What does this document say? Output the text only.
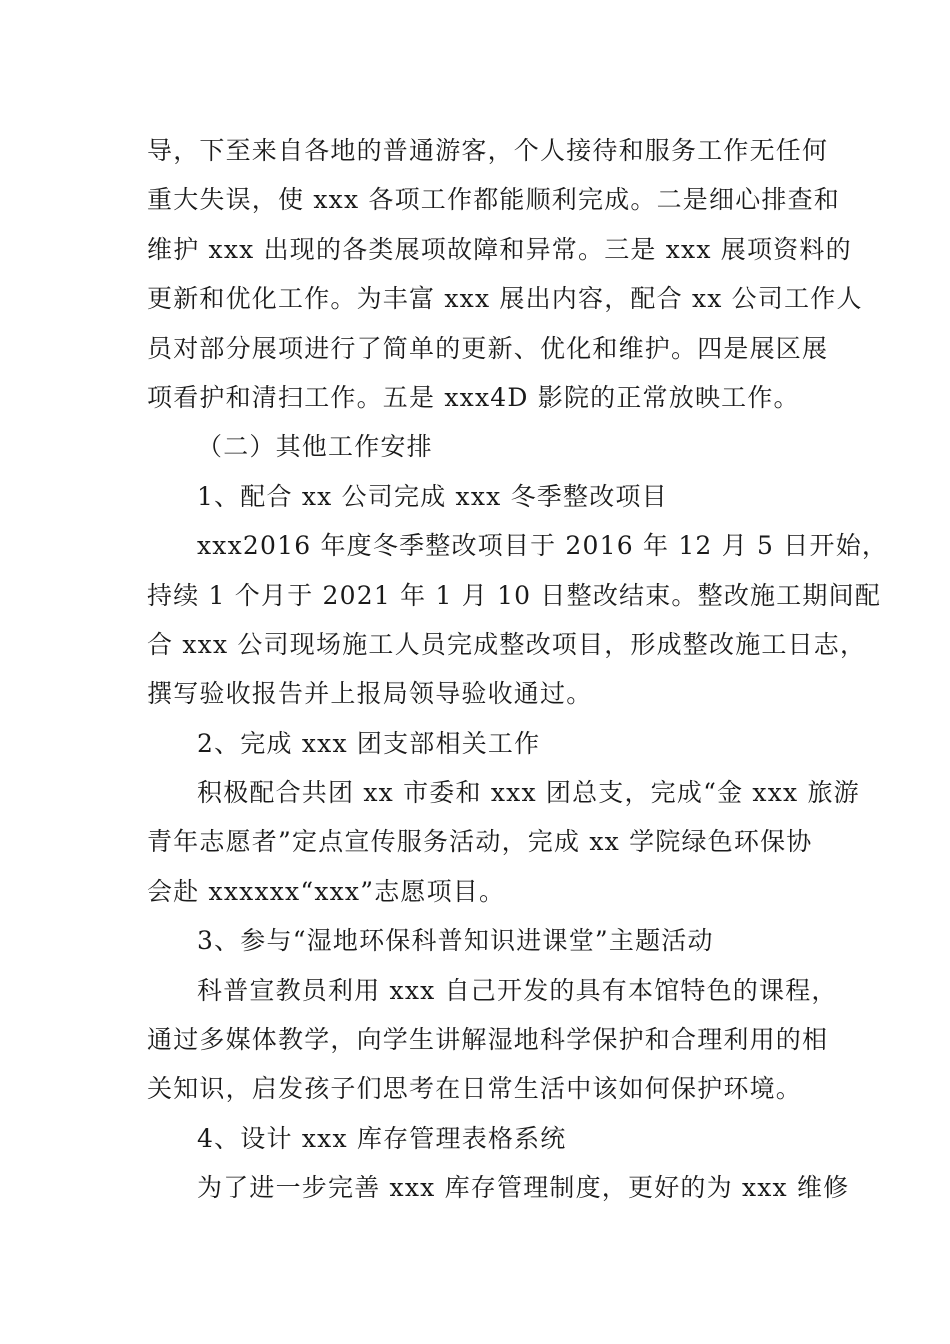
导，下至来自各地的普通游客，个人接待和服务工作无任何
重大失误，使 xxx 各项工作都能顺利完成。二是细心排查和
维护 xxx 出现的各类展项故障和异常。三是 xxx 展项资料的
更新和优化工作。为丰富 xxx 展出内容，配合 xx 公司工作人
员对部分展项进行了简单的更新、优化和维护。四是展区展
项看护和清扫工作。五是 xxx4D 影院的正常放映工作。
（二）其他工作安排
1、配合 xx 公司完成 xxx 冬季整改项目
xxx2016 年度冬季整改项目于 2016 年 12 月 5 日开始，
持续 1 个月于 2021 年 1 月 10 日整改结束。整改施工期间配
合 xxx 公司现场施工人员完成整改项目，形成整改施工日志，
撰写验收报告并上报局领导验收通过。
2、完成 xxx 团支部相关工作
积极配合共团 xx 市委和 xxx 团总支，完成“金 xxx 旅游
青年志愿者”定点宣传服务活动，完成 xx 学院绿色环保协
会赴 xxxxxx“xxx”志愿项目。
3、参与“湿地环保科普知识进课堂”主题活动
科普宣教员利用 xxx 自己开发的具有本馆特色的课程，
通过多媒体教学，向学生讲解湿地科学保护和合理利用的相
关知识，启发孩子们思考在日常生活中该如何保护环境。
4、设计 xxx 库存管理表格系统
为了进一步完善 xxx 库存管理制度，更好的为 xxx 维修
